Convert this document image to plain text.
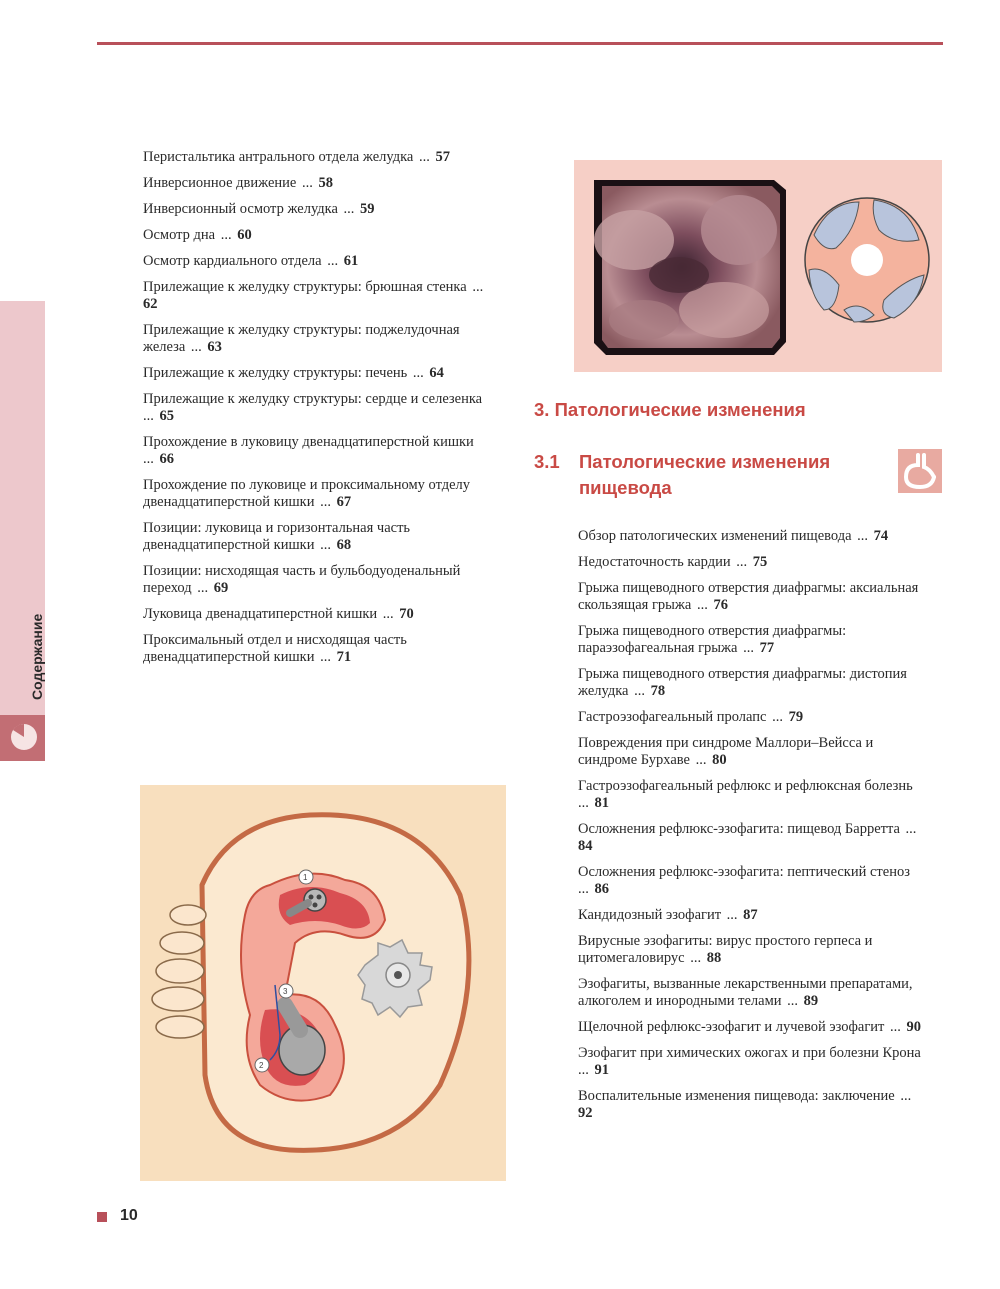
Содержание
Перистальтика антрального отдела желудка ... 57
Инверсионное движение ... 58
Инверсионный осмотр желудка ... 59
Осмотр дна ... 60
Осмотр кардиального отдела ... 61
Прилежащие к желудку структуры: брюшная стенка ... 62
Прилежащие к желудку структуры: поджелудочная железа ... 63
Прилежащие к желудку структуры: печень ... 64
Прилежащие к желудку структуры: сердце и селезенка ... 65
Прохождение в луковицу двенадцатиперстной кишки ... 66
Прохождение по луковице и проксимальному отделу двенадцатиперстной кишки ... 67
Позиции: луковица и горизонтальная часть двенадцатиперстной кишки ... 68
Позиции: нисходящая часть и бульбодуоденальный переход ... 69
Луковица двенадцатиперстной кишки ... 70
Проксимальный отдел и нисходящая часть двенадцатиперстной кишки ... 71
3. Патологические изменения
3.1 Патологические изменения
пищевода
Обзор патологических изменений пищевода ... 74
Недостаточность кардии ... 75
Грыжа пищеводного отверстия диафрагмы: аксиальная скользящая грыжа ... 76
Грыжа пищеводного отверстия диафрагмы: параэзофагеальная грыжа ... 77
Грыжа пищеводного отверстия диафрагмы: дистопия желудка ... 78
Гастроэзофагеальный пролапс ... 79
Повреждения при синдроме Маллори–Вейсса и синдроме Бурхаве ... 80
Гастроэзофагеальный рефлюкс и рефлюксная болезнь ... 81
Осложнения рефлюкс-эзофагита: пищевод Барретта ... 84
Осложнения рефлюкс-эзофагита: пептический стеноз ... 86
Кандидозный эзофагит ... 87
Вирусные эзофагиты: вирус простого герпеса и цитомегаловирус ... 88
Эзофагиты, вызванные лекарственными препаратами, алкоголем и инородными телами ... 89
Щелочной рефлюкс-эзофагит и лучевой эзофагит ... 90
Эзофагит при химических ожогах и при болезни Крона ... 91
Воспалительные изменения пищевода: заключение ... 92
1
2
3
10
